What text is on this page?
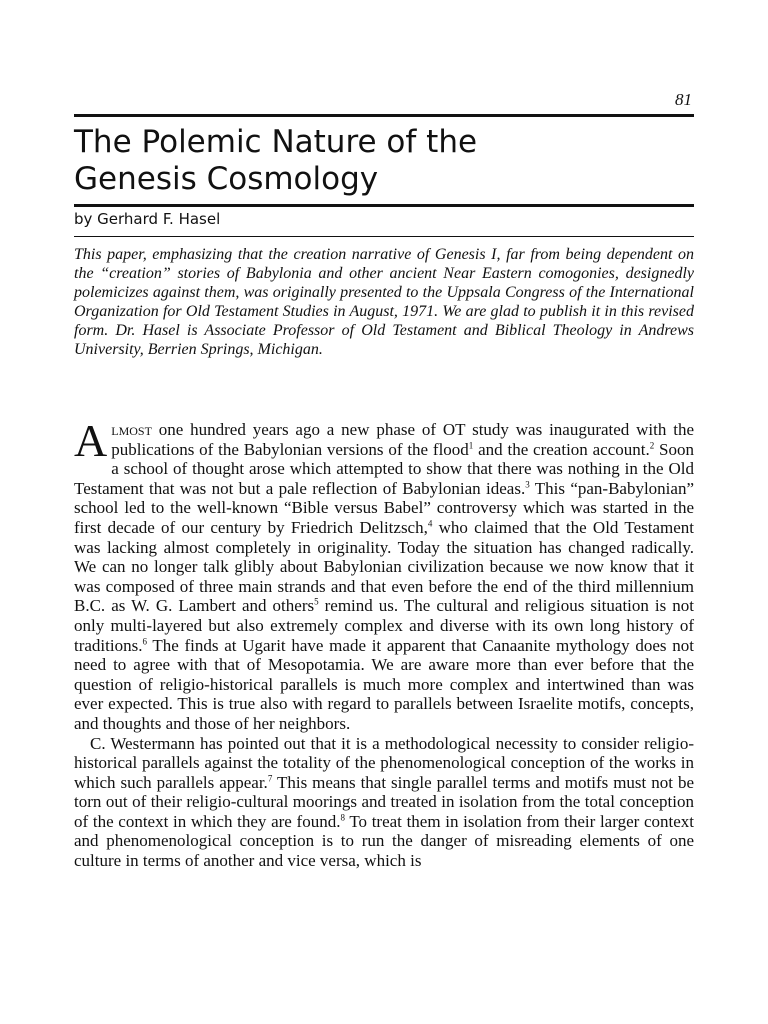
81
The Polemic Nature of the
Genesis Cosmology
by Gerhard F. Hasel
This paper, emphasizing that the creation narrative of Genesis I, far from being dependent on the “creation” stories of Babylonia and other ancient Near Eastern comogonies, designedly polemicizes against them, was originally presented to the Uppsala Congress of the International Organization for Old Testament Studies in August, 1971. We are glad to publish it in this revised form. Dr. Hasel is Associate Professor of Old Testament and Biblical Theology in Andrews University, Berrien Springs, Michigan.

Almost one hundred years ago a new phase of OT study was inaugurated with the publications of the Babylonian versions of the flood$^1$ and the creation account.$^2$ Soon a school of thought arose which attempted to show that there was nothing in the Old Testament that was not but a pale reflection of Babylonian ideas.$^3$ This “pan-Babylonian” school led to the well-known “Bible versus Babel” controversy which was started in the first decade of our century by Friedrich Delitzsch,$^4$ who claimed that the Old Testament was lacking almost completely in originality. Today the situation has changed radically. We can no longer talk glibly about Babylonian civilization because we now know that it was composed of three main strands and that even before the end of the third millennium B.C. as W. G. Lambert and others$^5$ remind us. The cultural and religious situation is not only multi-layered but also extremely complex and diverse with its own long history of traditions.$^6$ The finds at Ugarit have made it apparent that Canaanite mythology does not need to agree with that of Mesopotamia. We are aware more than ever before that the question of religio-historical parallels is much more complex and intertwined than was ever expected. This is true also with regard to parallels between Israelite motifs, concepts, and thoughts and those of her neighbors.

C. Westermann has pointed out that it is a methodological necessity to consider religio-historical parallels against the totality of the phenomenological conception of the works in which such parallels appear.$^7$ This means that single parallel terms and motifs must not be torn out of their religio-cultural moorings and treated in isolation from the total conception of the context in which they are found.$^8$ To treat them in isolation from their larger context and phenomenological conception is to run the danger of misreading elements of one culture in terms of another and vice versa, which is
